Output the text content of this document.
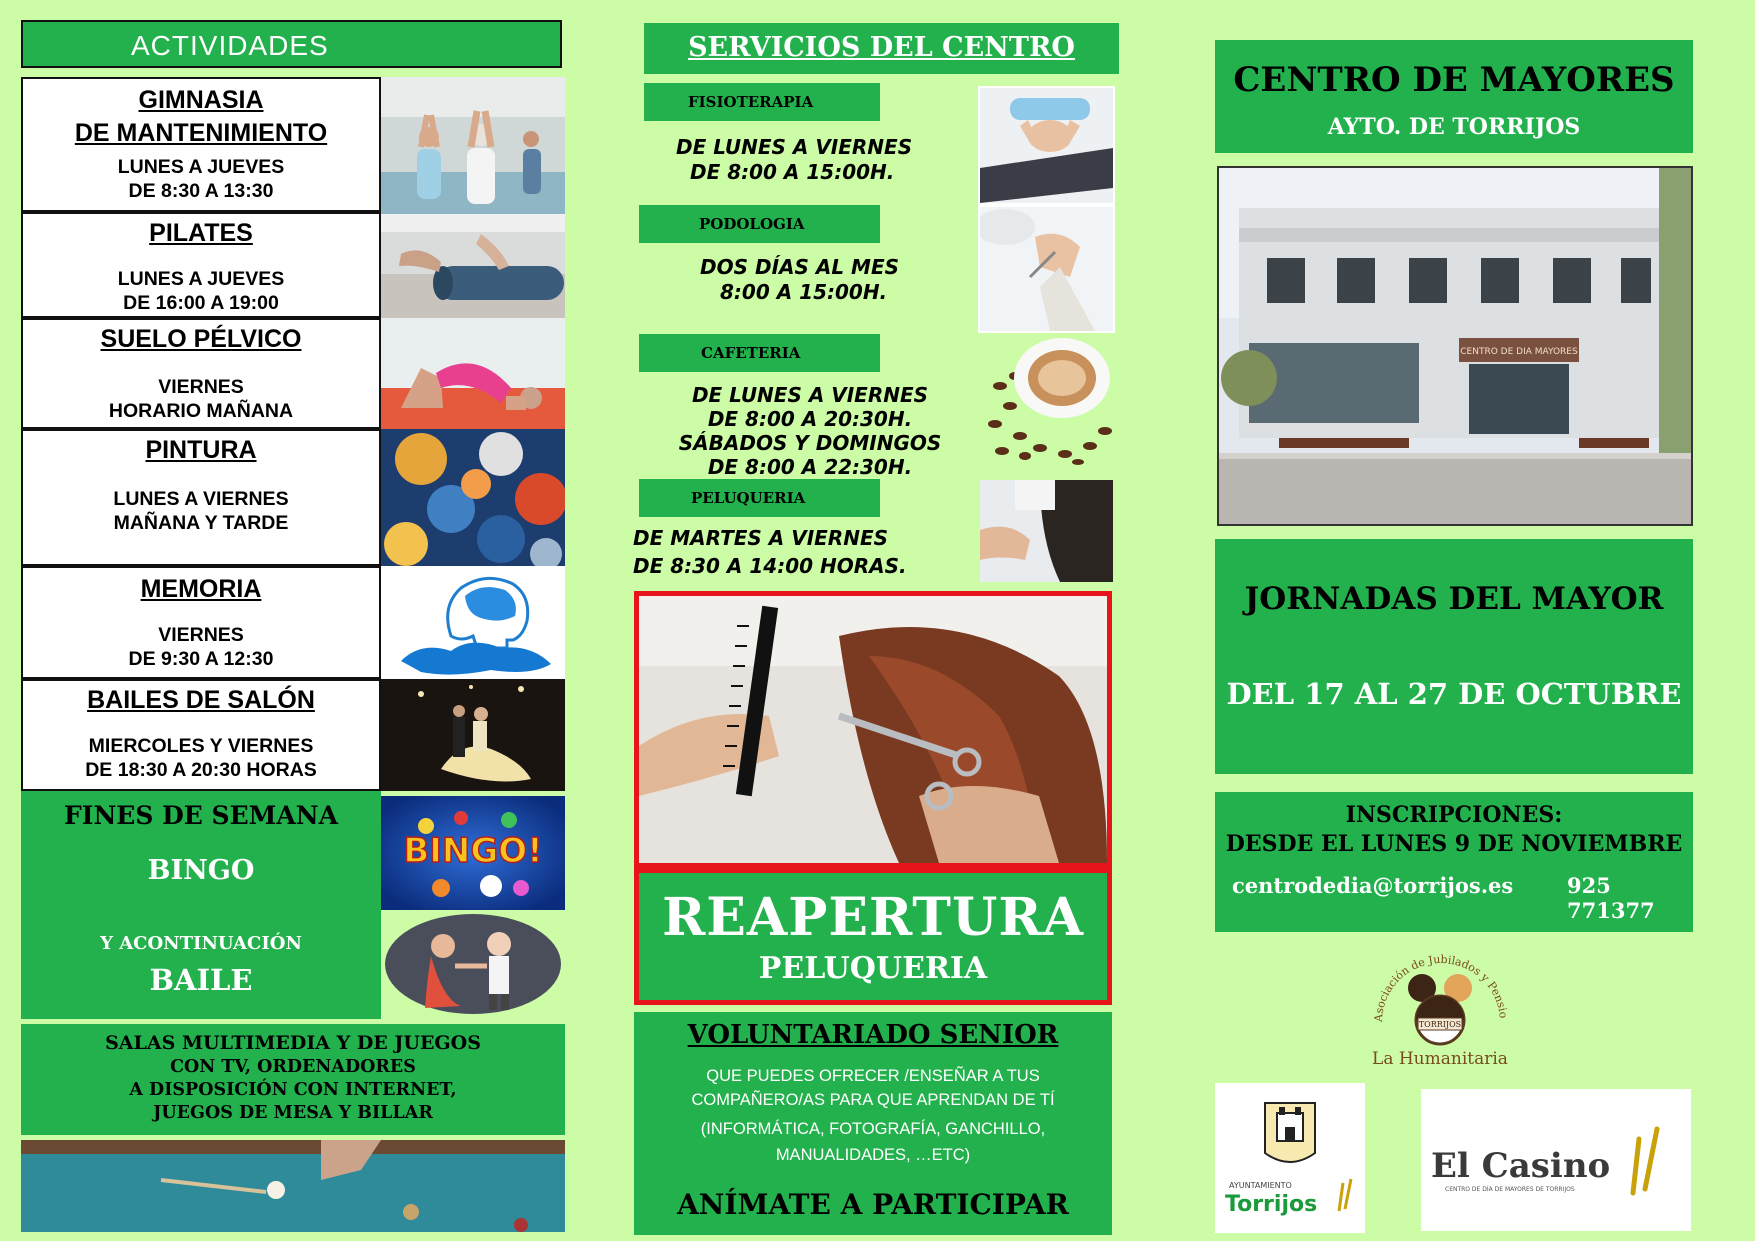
ACTIVIDADES
GIMNASIA
DE MANTENIMIENTO
LUNES A JUEVES
DE 8:30 A 13:30
PILATES
LUNES A JUEVES
DE 16:00 A 19:00
SUELO PÉLVICO
VIERNES
HORARIO MAÑANA
PINTURA
LUNES A VIERNES
MAÑANA Y TARDE
MEMORIA
VIERNES
DE 9:30 A 12:30
BAILES DE SALÓN
MIERCOLES Y VIERNES
DE 18:30 A 20:30 HORAS
FINES DE SEMANA
BINGO
Y ACONTINUACIÓN
BAILE
BINGO!
SALAS MULTIMEDIA Y DE JUEGOS
CON TV, ORDENADORES
A DISPOSICIÓN CON INTERNET,
JUEGOS DE MESA Y BILLAR
SERVICIOS DEL CENTRO
FISIOTERAPIA
DE LUNES A VIERNES
DE 8:00 A 15:00H.
PODOLOGIA
DOS DÍAS AL MES
8:00 A 15:00H.
CAFETERIA
DE LUNES A VIERNES
DE 8:00 A 20:30H.
SÁBADOS Y DOMINGOS
DE 8:00 A 22:30H.
PELUQUERIA
DE MARTES A VIERNES
DE 8:30 A 14:00 HORAS.
REAPERTURA
PELUQUERIA
VOLUNTARIADO SENIOR
QUE PUEDES OFRECER /ENSEÑAR A TUS
COMPAÑERO/AS PARA QUE APRENDAN DE TÍ
(INFORMÁTICA, FOTOGRAFÍA, GANCHILLO,
MANUALIDADES, …ETC)
ANÍMATE A PARTICIPAR
CENTRO DE MAYORES
AYTO. DE TORRIJOS
CENTRO DE DIA MAYORES
JORNADAS DEL MAYOR
DEL 17 AL 27 DE OCTUBRE
INSCRIPCIONES:
DESDE EL LUNES 9 DE NOVIEMBRE
centrodedia@torrijos.es	925 771377
Asociación de Jubilados y Pensio
TORRIJOS
La Humanitaria
AYUNTAMIENTO
Torrijos
El Casino
CENTRO DE DÍA DE MAYORES DE TORRIJOS
